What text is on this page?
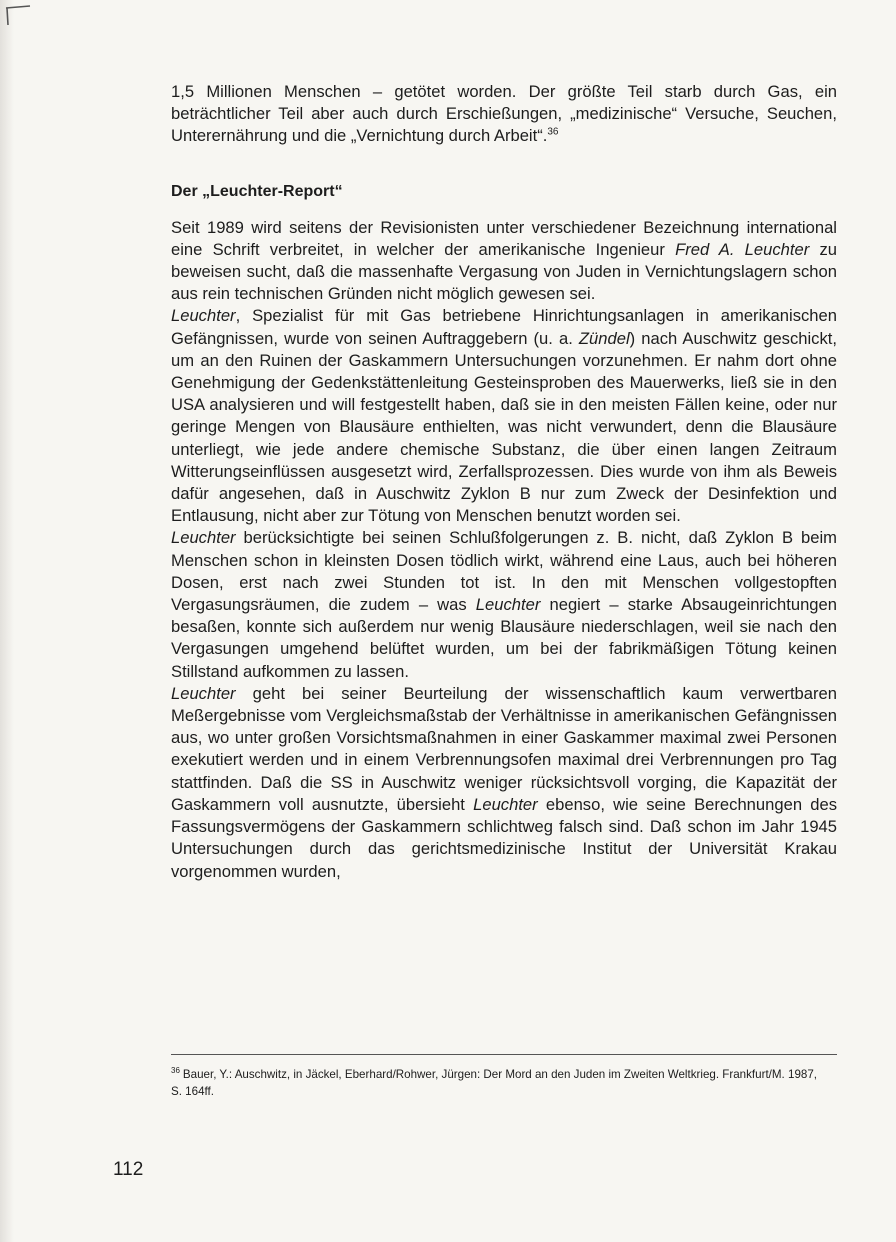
1,5 Millionen Menschen – getötet worden. Der größte Teil starb durch Gas, ein beträchtlicher Teil aber auch durch Erschießungen, „medizinische“ Versuche, Seuchen, Unterernährung und die „Vernichtung durch Arbeit“.$^{36}$

Der „Leuchter-Report“

Seit 1989 wird seitens der Revisionisten unter verschiedener Bezeichnung international eine Schrift verbreitet, in welcher der amerikanische Ingenieur Fred A. Leuchter zu beweisen sucht, daß die massenhafte Vergasung von Juden in Vernichtungslagern schon aus rein technischen Gründen nicht möglich gewesen sei.

Leuchter, Spezialist für mit Gas betriebene Hinrichtungsanlagen in amerikanischen Gefängnissen, wurde von seinen Auftraggebern (u. a. Zündel) nach Auschwitz geschickt, um an den Ruinen der Gaskammern Untersuchungen vorzunehmen. Er nahm dort ohne Genehmigung der Gedenkstättenleitung Gesteinsproben des Mauerwerks, ließ sie in den USA analysieren und will festgestellt haben, daß sie in den meisten Fällen keine, oder nur geringe Mengen von Blausäure enthielten, was nicht verwundert, denn die Blausäure unterliegt, wie jede andere chemische Substanz, die über einen langen Zeitraum Witterungseinflüssen ausgesetzt wird, Zerfallsprozessen. Dies wurde von ihm als Beweis dafür angesehen, daß in Auschwitz Zyklon B nur zum Zweck der Desinfektion und Entlausung, nicht aber zur Tötung von Menschen benutzt worden sei.

Leuchter berücksichtigte bei seinen Schlußfolgerungen z. B. nicht, daß Zyklon B beim Menschen schon in kleinsten Dosen tödlich wirkt, während eine Laus, auch bei höheren Dosen, erst nach zwei Stunden tot ist. In den mit Menschen vollgestopften Vergasungsräumen, die zudem – was Leuchter negiert – starke Absaugeinrichtungen besaßen, konnte sich außerdem nur wenig Blausäure niederschlagen, weil sie nach den Vergasungen umgehend belüftet wurden, um bei der fabrikmäßigen Tötung keinen Stillstand aufkommen zu lassen.

Leuchter geht bei seiner Beurteilung der wissenschaftlich kaum verwertbaren Meßergebnisse vom Vergleichsmaßstab der Verhältnisse in amerikanischen Gefängnissen aus, wo unter großen Vorsichtsmaßnahmen in einer Gaskammer maximal zwei Personen exekutiert werden und in einem Verbrennungsofen maximal drei Verbrennungen pro Tag stattfinden. Daß die SS in Auschwitz weniger rücksichtsvoll vorging, die Kapazität der Gaskammern voll ausnutzte, übersieht Leuchter ebenso, wie seine Berechnungen des Fassungsvermögens der Gaskammern schlichtweg falsch sind. Daß schon im Jahr 1945 Untersuchungen durch das gerichtsmedizinische Institut der Universität Krakau vorgenommen wurden,

$^{36}$ Bauer, Y.: Auschwitz, in Jäckel, Eberhard/Rohwer, Jürgen: Der Mord an den Juden im Zweiten Weltkrieg. Frankfurt/M. 1987, S. 164ff.
112
